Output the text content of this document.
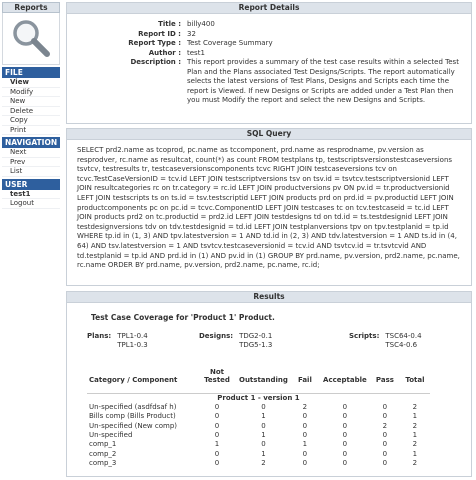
Reports
FILE
View
Modify
New
Delete
Copy
Print
NAVIGATION
Next
Prev
List
USER
test1
Logout
Report Details
Title : billy400
Report ID : 32
Report Type : Test Coverage Summary
Author : test1
Description : This report provides a summary of the test case results within a selected Test Plan and the Plans associated Test Designs/Scripts. The report automatically selects the latest versions of Test Plans, Designs and Scripts each time the report is Viewed. If new Designs or Scripts are added under a Test Plan then you must Modify the report and select the new Designs and Scripts.
SQL Query
SELECT prd2.name as tcoprod, pc.name as tccomponent, prd.name as resprodname, pv.version as resprodver, rc.name as resultcat, count(*) as count FROM testplans tp, testscriptsversionstestcaseversions tsvtcv, testresults tr, testcaseversionscomponents tcvc RIGHT JOIN testcaseversions tcv on tcvc.TestCaseVersionID = tcv.id LEFT JOIN testscriptversions tsv on tsv.id = tsvtcv.testscriptversionid LEFT JOIN resultcategories rc on tr.category = rc.id LEFT JOIN productversions pv ON pv.id = tr.productversionid LEFT JOIN testscripts ts on ts.id = tsv.testscriptid LEFT JOIN products prd on prd.id = pv.productid LEFT JOIN productcomponents pc on pc.id = tcvc.ComponentID LEFT JOIN testcases tc on tcv.testcaseid = tc.id LEFT JOIN products prd2 on tc.productid = prd2.id LEFT JOIN testdesigns td on td.id = ts.testdesignid LEFT JOIN testdesignversions tdv on tdv.testdesignid = td.id LEFT JOIN testplanversions tpv on tpv.testplanid = tp.id WHERE tp.id in (1, 3) AND tpv.latestversion = 1 AND td.id in (2, 3) AND tdv.latestversion = 1 AND ts.id in (4, 64) AND tsv.latestversion = 1 AND tsvtcv.testcaseversionid = tcv.id AND tsvtcv.id = tr.tsvtcvid AND td.testplanid = tp.id AND prd.id in (1) AND pv.id in (1) GROUP BY prd.name, pv.version, prd2.name, pc.name, rc.name ORDER BY prd.name, pv.version, prd2.name, pc.name, rc.id;
Results
Test Case Coverage for 'Product 1' Product.
Plans: TPL1-0.4
TPL1-0.3
Designs: TDG2-0.1
TDG5-1.3
Scripts: TSC64-0.4
TSC4-0.6
Category / Component	Not Tested	Outstanding	Fail	Acceptable	Pass	Total

Product 1 - version 1						
Un-specified (asdfdsaf h)	0	0	2	0	0	2
Bills comp (Bills Product)	0	1	0	0	0	1
Un-specified (New comp)	0	0	0	0	2	2
Un-specified	0	1	0	0	0	1
comp_1	1	0	1	0	0	2
comp_2	0	1	0	0	0	1
comp_3	0	2	0	0	0	2
